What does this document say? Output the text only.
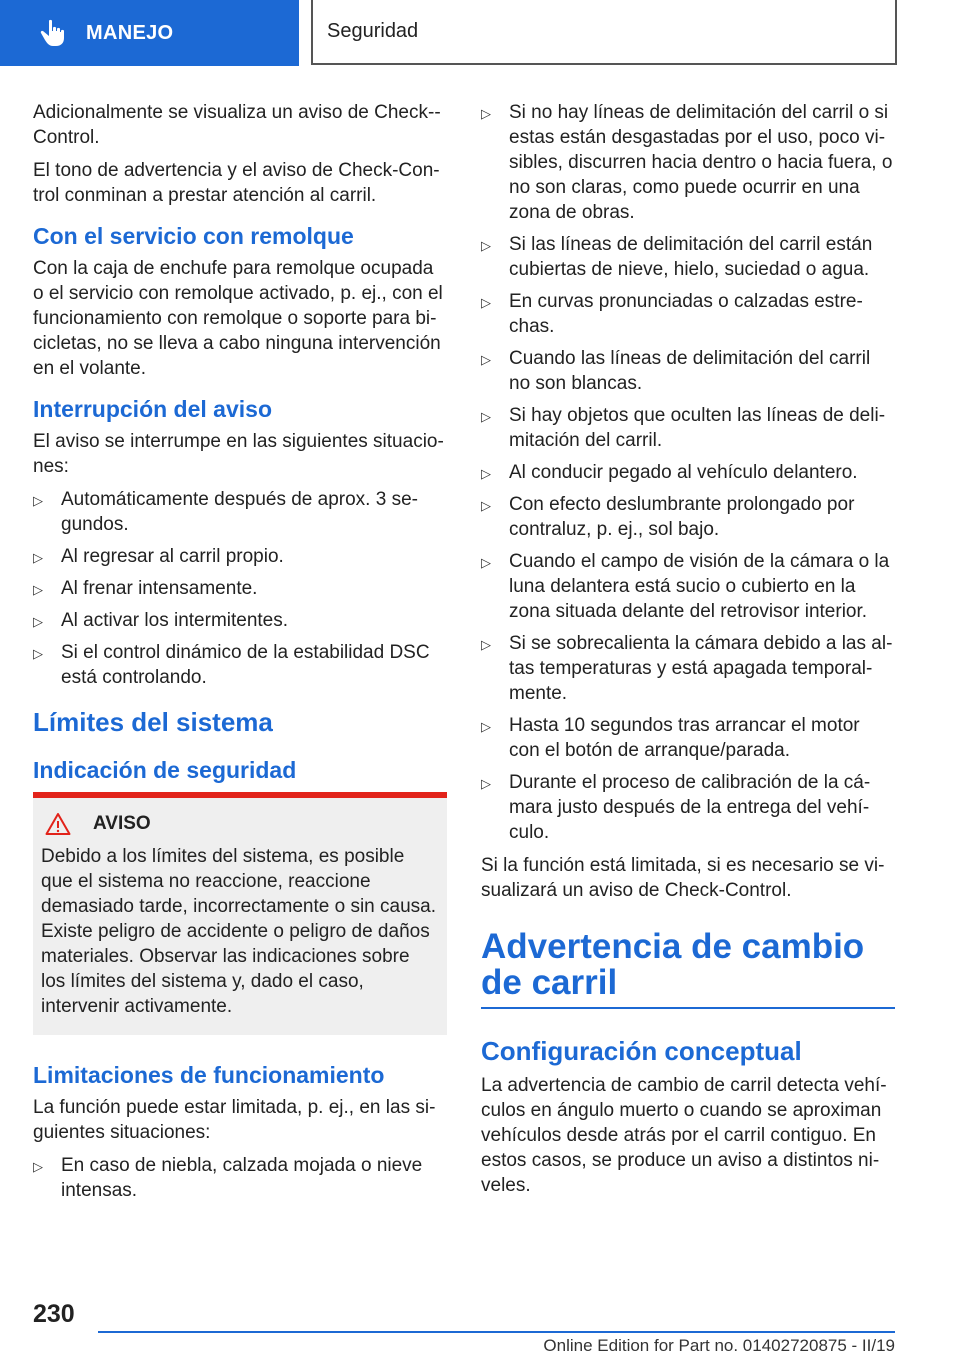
MANEJO	Seguridad

Adicionalmente se visualiza un aviso de Check--Control.

El tono de advertencia y el aviso de Check-Control conminan a prestar atención al carril.

Con el servicio con remolque

Con la caja de enchufe para remolque ocupada o el servicio con remolque activado, p. ej., con el funcionamiento con remolque o soporte para bicicletas, no se lleva a cabo ninguna intervención en el volante.

Interrupción del aviso

El aviso se interrumpe en las siguientes situaciones:

▷ Automáticamente después de aprox. 3 segundos.
▷ Al regresar al carril propio.
▷ Al frenar intensamente.
▷ Al activar los intermitentes.
▷ Si el control dinámico de la estabilidad DSC está controlando.
Límites del sistema
Indicación de seguridad
AVISO

Debido a los límites del sistema, es posible que el sistema no reaccione, reaccione demasiado tarde, incorrectamente o sin causa. Existe peligro de accidente o peligro de daños materiales. Observar las indicaciones sobre los límites del sistema y, dado el caso, intervenir activamente.

Limitaciones de funcionamiento

La función puede estar limitada, p. ej., en las siguientes situaciones:

▷ En caso de niebla, calzada mojada o nieve intensas.
▷ Si no hay líneas de delimitación del carril o si estas están desgastadas por el uso, poco visibles, discurren hacia dentro o hacia fuera, o no son claras, como puede ocurrir en una zona de obras.
▷ Si las líneas de delimitación del carril están cubiertas de nieve, hielo, suciedad o agua.
▷ En curvas pronunciadas o calzadas estrechas.
▷ Cuando las líneas de delimitación del carril no son blancas.
▷ Si hay objetos que oculten las líneas de delimitación del carril.
▷ Al conducir pegado al vehículo delantero.
▷ Con efecto deslumbrante prolongado por contraluz, p. ej., sol bajo.
▷ Cuando el campo de visión de la cámara o la luna delantera está sucio o cubierto en la zona situada delante del retrovisor interior.
▷ Si se sobrecalienta la cámara debido a las altas temperaturas y está apagada temporalmente.
▷ Hasta 10 segundos tras arrancar el motor con el botón de arranque/parada.
▷ Durante el proceso de calibración de la cámara justo después de la entrega del vehículo.

Si la función está limitada, si es necesario se visualizará un aviso de Check-Control.

Advertencia de cambio de carril
Configuración conceptual

La advertencia de cambio de carril detecta vehículos en ángulo muerto o cuando se aproximan vehículos desde atrás por el carril contiguo. En estos casos, se produce un aviso a distintos niveles.

230
Online Edition for Part no. 01402720875 - II/19
